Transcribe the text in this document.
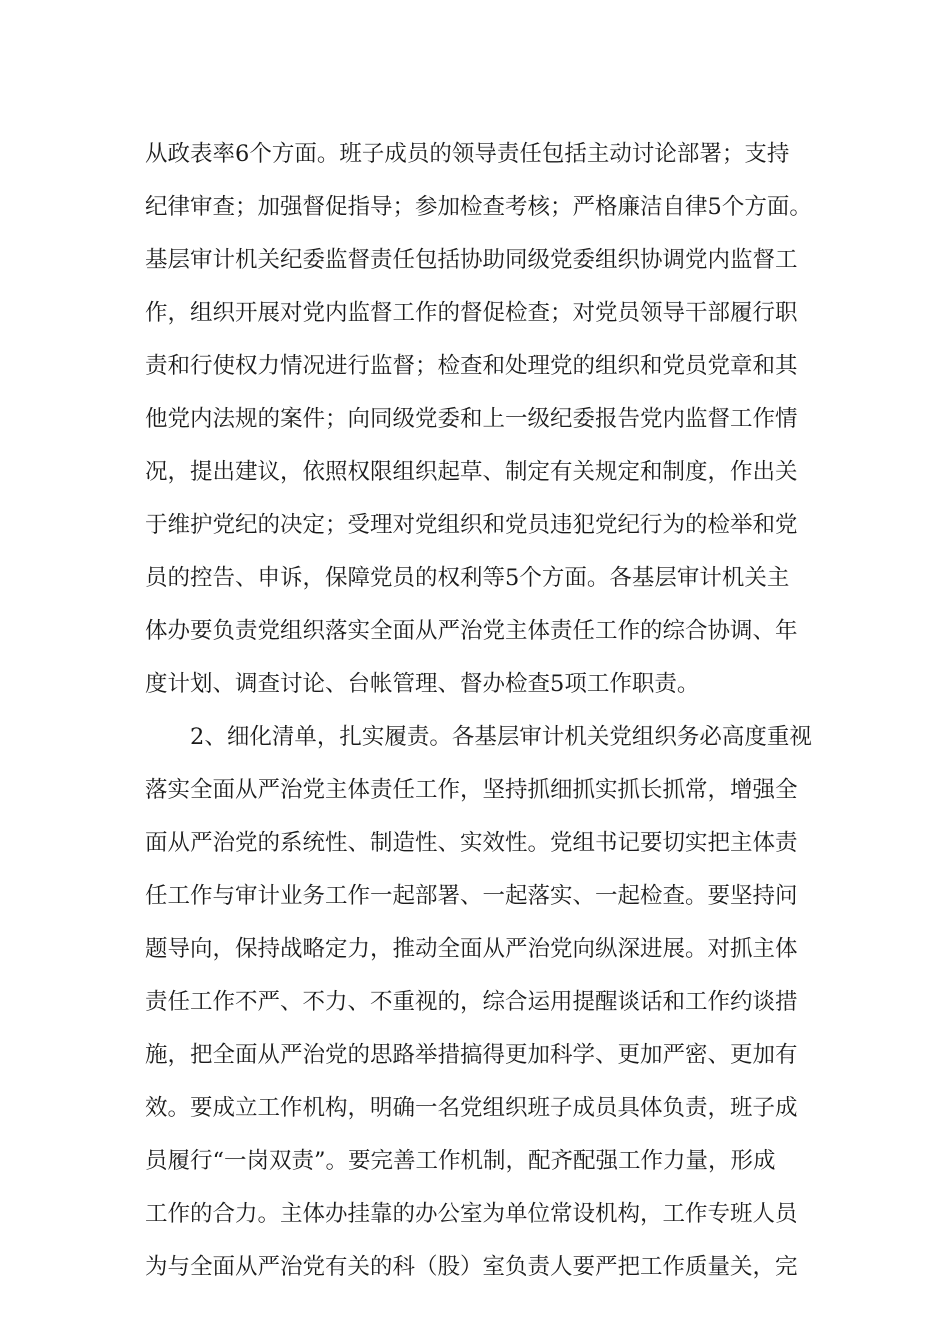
从政表率6个方面。班子成员的领导责任包括主动讨论部署；支持
纪律审查；加强督促指导；参加检查考核；严格廉洁自律5个方面。
基层审计机关纪委监督责任包括协助同级党委组织协调党内监督工
作，组织开展对党内监督工作的督促检查；对党员领导干部履行职
责和行使权力情况进行监督；检查和处理党的组织和党员党章和其
他党内法规的案件；向同级党委和上一级纪委报告党内监督工作情
况，提出建议，依照权限组织起草、制定有关规定和制度，作出关
于维护党纪的决定；受理对党组织和党员违犯党纪行为的检举和党
员的控告、申诉，保障党员的权利等5个方面。各基层审计机关主
体办要负责党组织落实全面从严治党主体责任工作的综合协调、年
度计划、调查讨论、台帐管理、督办检查5项工作职责。
2、细化清单，扎实履责。各基层审计机关党组织务必高度重视
落实全面从严治党主体责任工作，坚持抓细抓实抓长抓常，增强全
面从严治党的系统性、制造性、实效性。党组书记要切实把主体责
任工作与审计业务工作一起部署、一起落实、一起检查。要坚持问
题导向，保持战略定力，推动全面从严治党向纵深进展。对抓主体
责任工作不严、不力、不重视的，综合运用提醒谈话和工作约谈措
施，把全面从严治党的思路举措搞得更加科学、更加严密、更加有
效。要成立工作机构，明确一名党组织班子成员具体负责，班子成
员履行“一岗双责”。要完善工作机制，配齐配强工作力量，形成
工作的合力。主体办挂靠的办公室为单位常设机构，工作专班人员
为与全面从严治党有关的科（股）室负责人要严把工作质量关，完
